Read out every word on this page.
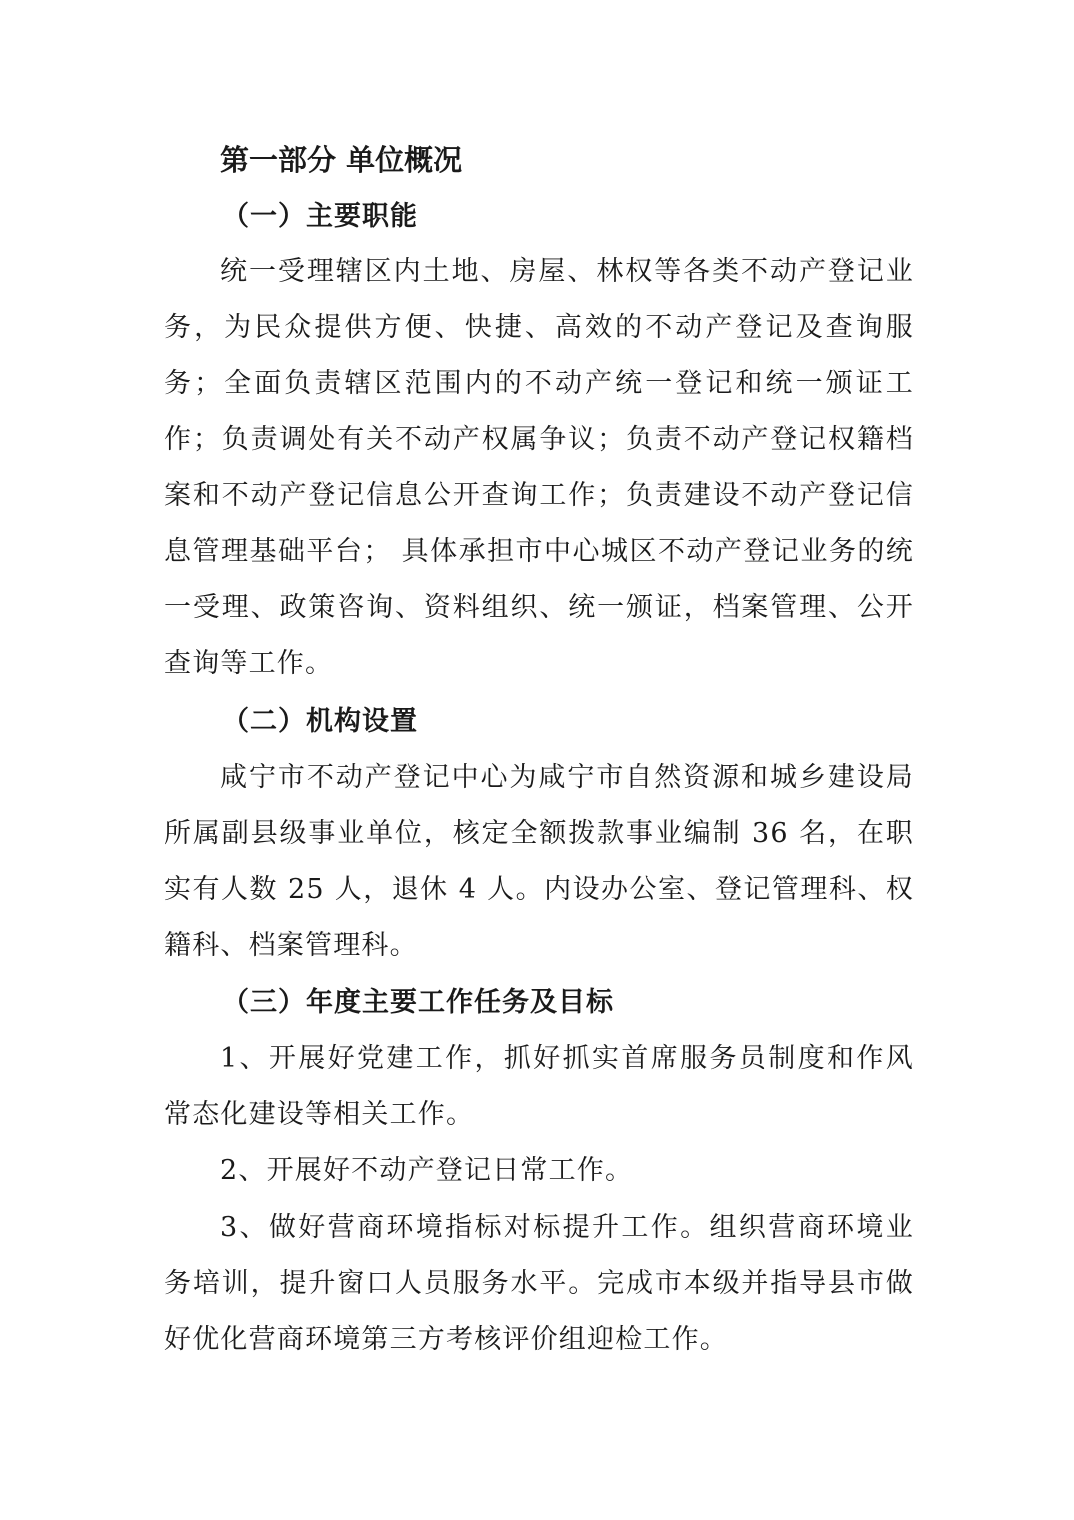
第一部分 单位概况
（一）主要职能
统一受理辖区内土地、房屋、林权等各类不动产登记业务，为民众提供方便、快捷、高效的不动产登记及查询服务；全面负责辖区范围内的不动产统一登记和统一颁证工作；负责调处有关不动产权属争议；负责不动产登记权籍档案和不动产登记信息公开查询工作；负责建设不动产登记信息管理基础平台； 具体承担市中心城区不动产登记业务的统一受理、政策咨询、资料组织、统一颁证，档案管理、公开查询等工作。
（二）机构设置
咸宁市不动产登记中心为咸宁市自然资源和城乡建设局所属副县级事业单位，核定全额拨款事业编制 36 名，在职实有人数 25 人，退休 4 人。内设办公室、登记管理科、权籍科、档案管理科。
（三）年度主要工作任务及目标
1、开展好党建工作，抓好抓实首席服务员制度和作风常态化建设等相关工作。
2、开展好不动产登记日常工作。
3、做好营商环境指标对标提升工作。组织营商环境业务培训，提升窗口人员服务水平。完成市本级并指导县市做好优化营商环境第三方考核评价组迎检工作。
